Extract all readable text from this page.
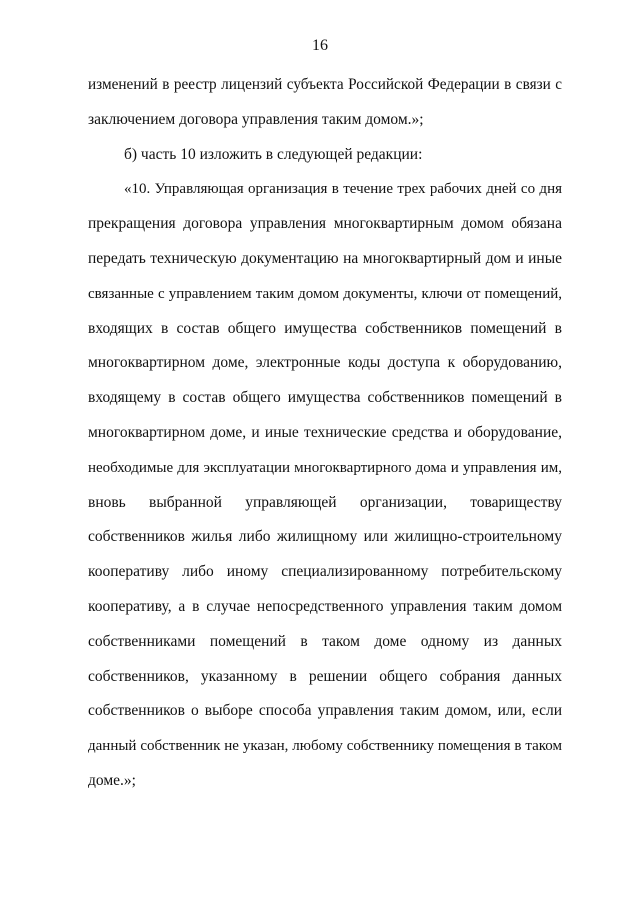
16
изменений в реестр лицензий субъекта Российской Федерации в связи с
заключением договора управления таким домом.»;
б) часть 10 изложить в следующей редакции:
«10. Управляющая организация в течение трех рабочих дней со дня
прекращения договора управления многоквартирным домом обязана
передать техническую документацию на многоквартирный дом и иные
связанные с управлением таким домом документы, ключи от помещений,
входящих в состав общего имущества собственников помещений в
многоквартирном доме, электронные коды доступа к оборудованию,
входящему в состав общего имущества собственников помещений в
многоквартирном доме, и иные технические средства и оборудование,
необходимые для эксплуатации многоквартирного дома и управления им,
вновь выбранной управляющей организации, товариществу
собственников жилья либо жилищному или жилищно-строительному
кооперативу либо иному специализированному потребительскому
кооперативу, а в случае непосредственного управления таким домом
собственниками помещений в таком доме одному из данных
собственников, указанному в решении общего собрания данных
собственников о выборе способа управления таким домом, или, если
данный собственник не указан, любому собственнику помещения в таком
доме.»;
